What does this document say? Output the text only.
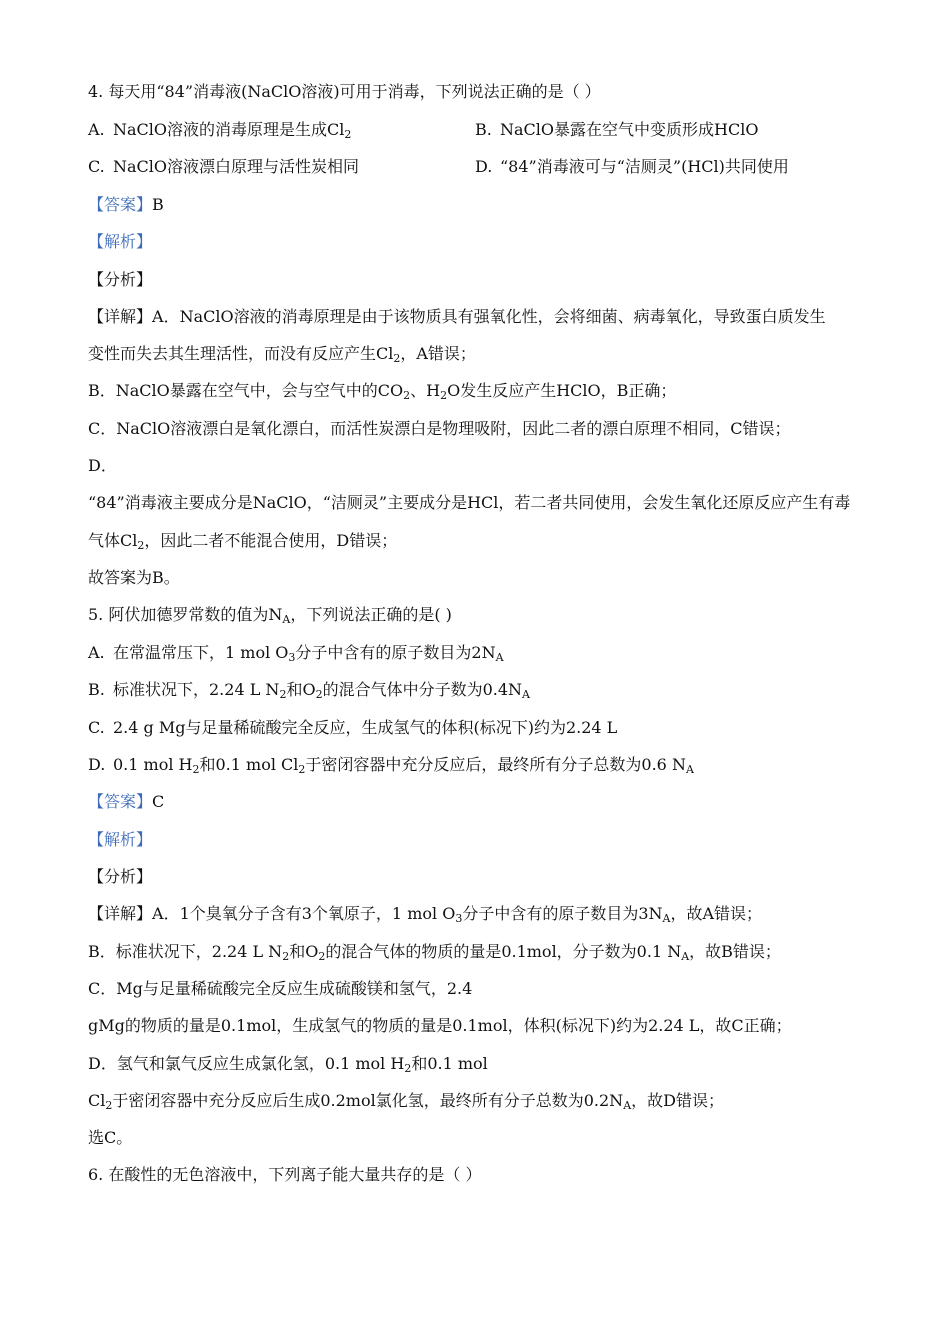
4. 每天用“84”消毒液(NaClO溶液)可用于消毒，下列说法正确的是（ ）
A. NaClO溶液的消毒原理是生成$Cl_2$	B. NaClO暴露在空气中变质形成HClO
C. NaClO溶液漂白原理与活性炭相同	D. “84”消毒液可与“洁厕灵”(HCl)共同使用
【答案】B
【解析】
【分析】
【详解】A．NaClO溶液的消毒原理是由于该物质具有强氧化性，会将细菌、病毒氧化，导致蛋白质发生
变性而失去其生理活性，而没有反应产生$Cl_2$，A错误；
B．NaClO暴露在空气中，会与空气中的$CO_2$、$H_2O$发生反应产生HClO，B正确；
C．NaClO溶液漂白是氧化漂白，而活性炭漂白是物理吸附，因此二者的漂白原理不相同，C错误；
D．
“84”消毒液主要成分是NaClO，“洁厕灵”主要成分是HCl，若二者共同使用，会发生氧化还原反应产生有毒
气体$Cl_2$，因此二者不能混合使用，D错误；
故答案为B。
5. 阿伏加德罗常数的值为$N_A$，下列说法正确的是( )
A. 在常温常压下，1 mol $O_3$分子中含有的原子数目为$2N_A$
B. 标准状况下，2.24 L $N_2$和$O_2$的混合气体中分子数为$0.4N_A$
C. 2.4 g Mg与足量稀硫酸完全反应，生成氢气的体积(标况下)约为2.24 L
D. 0.1 mol $H_2$和0.1 mol $Cl_2$于密闭容器中充分反应后，最终所有分子总数为0.6 $N_A$
【答案】C
【解析】
【分析】
【详解】A．1个臭氧分子含有3个氧原子，1 mol $O_3$分子中含有的原子数目为$3N_A$，故A错误；
B．标准状况下，2.24 L $N_2$和$O_2$的混合气体的物质的量是0.1mol，分子数为0.1 $N_A$，故B错误；
C．Mg与足量稀硫酸完全反应生成硫酸镁和氢气，2.4
gMg的物质的量是0.1mol，生成氢气的物质的量是0.1mol，体积(标况下)约为2.24 L，故C正确；
D．氢气和氯气反应生成氯化氢，0.1 mol $H_2$和0.1 mol
$Cl_2$于密闭容器中充分反应后生成0.2mol氯化氢，最终所有分子总数为$0.2N_A$，故D错误；
选C。
6. 在酸性的无色溶液中，下列离子能大量共存的是（ ）
